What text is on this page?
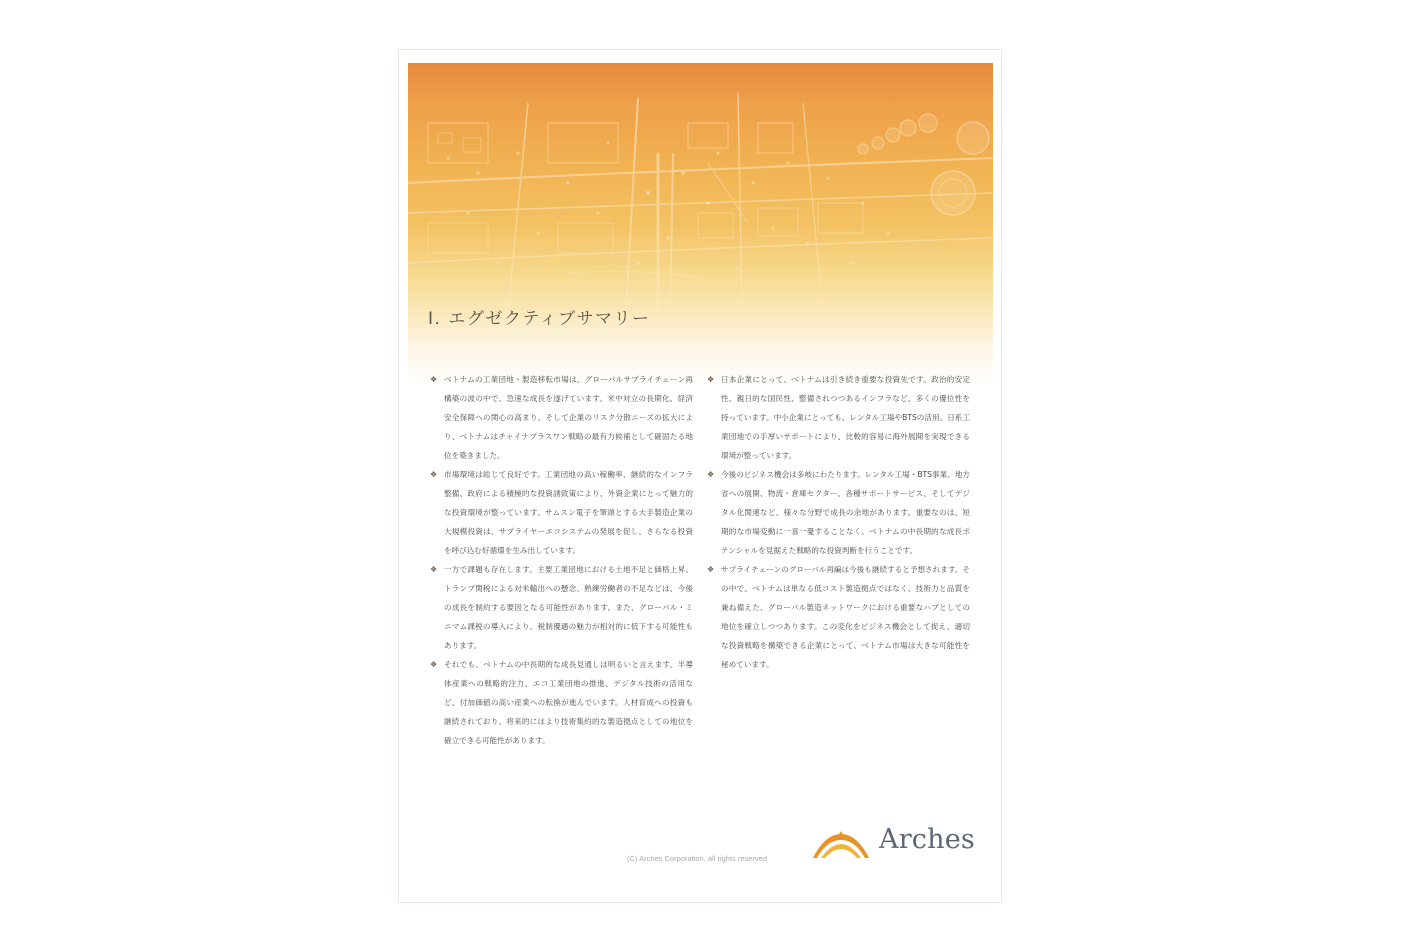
Ⅰ. エグゼクティブサマリー
❖ ベトナムの工業団地・製造移転市場は、グローバルサプライチェーン再構築の波の中で、急速な成長を遂げています。米中対立の長期化、経済安全保障への関心の高まり、そして企業のリスク分散ニーズの拡大により、ベトナムはチャイナプラスワン戦略の最有力候補として確固たる地位を築きました。
❖ 市場環境は総じて良好です。工業団地の高い稼働率、継続的なインフラ整備、政府による積極的な投資誘致策により、外資企業にとって魅力的な投資環境が整っています。サムスン電子を筆頭とする大手製造企業の大規模投資は、サプライヤーエコシステムの発展を促し、さらなる投資を呼び込む好循環を生み出しています。
❖ 一方で課題も存在します。主要工業団地における土地不足と価格上昇、トランプ関税による対米輸出への懸念、熟練労働者の不足などは、今後の成長を制約する要因となる可能性があります。また、グローバル・ミニマム課税の導入により、税制優遇の魅力が相対的に低下する可能性もあります。
❖ それでも、ベトナムの中長期的な成長見通しは明るいと言えます。半導体産業への戦略的注力、エコ工業団地の推進、デジタル技術の活用など、付加価値の高い産業への転換が進んでいます。人材育成への投資も継続されており、将来的にはより技術集約的な製造拠点としての地位を確立できる可能性があります。
❖ 日本企業にとって、ベトナムは引き続き重要な投資先です。政治的安定性、親日的な国民性、整備されつつあるインフラなど、多くの優位性を持っています。中小企業にとっても、レンタル工場やBTSの活用、日系工業団地での手厚いサポートにより、比較的容易に海外展開を実現できる環境が整っています。
❖ 今後のビジネス機会は多岐にわたります。レンタル工場・BTS事業、地方省への展開、物流・倉庫セクター、各種サポートサービス、そしてデジタル化関連など、様々な分野で成長の余地があります。重要なのは、短期的な市場変動に一喜一憂することなく、ベトナムの中長期的な成長ポテンシャルを見据えた戦略的な投資判断を行うことです。
❖ サプライチェーンのグローバル再編は今後も継続すると予想されます。その中で、ベトナムは単なる低コスト製造拠点ではなく、技術力と品質を兼ね備えた、グローバル製造ネットワークにおける重要なハブとしての地位を確立しつつあります。この変化をビジネス機会として捉え、適切な投資戦略を構築できる企業にとって、ベトナム市場は大きな可能性を秘めています。
(C) Arches Corporation, all rights reserved
Arches
